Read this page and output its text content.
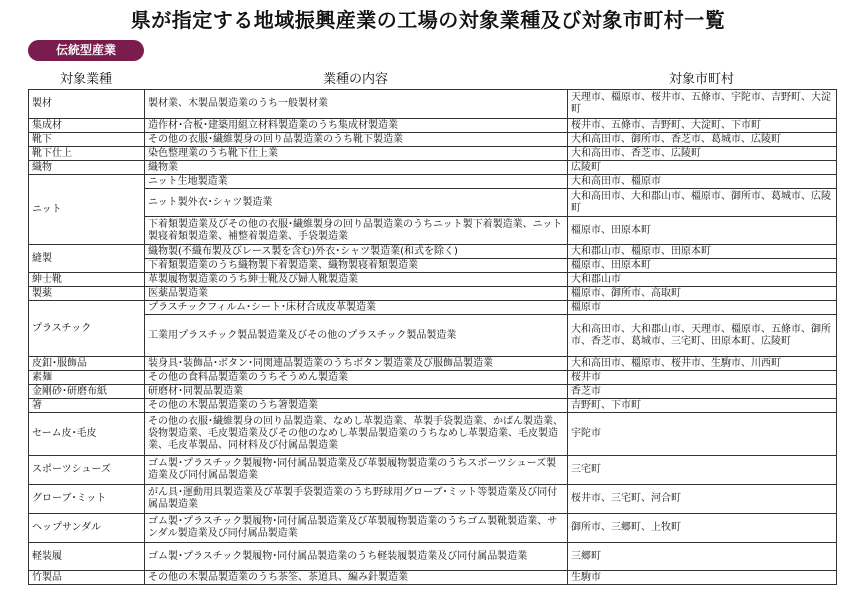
県が指定する地域振興産業の工場の対象業種及び対象市町村一覧
伝統型産業
対象業種	業種の内容	対象市町村
製材	製材業、木製品製造業のうち一般製材業	天理市、橿原市、桜井市、五條市、宇陀市、吉野町、大淀町
集成材	造作材･合板･建築用組立材料製造業のうち集成材製造業	桜井市、五條市、吉野町、大淀町、下市町
靴下	その他の衣服･繊維製身の回り品製造業のうち靴下製造業	大和高田市、御所市、香芝市、葛城市、広陵町
靴下仕上	染色整理業のうち靴下仕上業	大和高田市、香芝市、広陵町
織物	織物業	広陵町
ニット	ニット生地製造業	大和高田市、橿原市
	ニット製外衣･シャツ製造業	大和高田市、大和郡山市、橿原市、御所市、葛城市、広陵町
	下着類製造業及びその他の衣服･繊維製身の回り品製造業のうちニット製下着製造業、ニット製寝着類製造業、補整着製造業、手袋製造業	橿原市、田原本町
縫製	織物製(不織布製及びレース製を含む)外衣･シャツ製造業(和式を除く)	大和郡山市、橿原市、田原本町
	下着類製造業のうち織物製下着製造業、織物製寝着類製造業	橿原市、田原本町
紳士靴	革製履物製造業のうち紳士靴及び婦人靴製造業	大和郡山市
製薬	医薬品製造業	橿原市、御所市、高取町
プラスチック	プラスチックフィルム･シート･床材合成皮革製造業	橿原市
	工業用プラスチック製品製造業及びその他のプラスチック製品製造業	大和高田市、大和郡山市、天理市、橿原市、五條市、御所市、香芝市、葛城市、三宅町、田原本町、広陵町
皮釦･服飾品	装身具･装飾品･ボタン･同関連品製造業のうちボタン製造業及び服飾品製造業	大和高田市、橿原市、桜井市、生駒市、川西町
素麺	その他の食料品製造業のうちそうめん製造業	桜井市
金剛砂･研磨布紙	研磨材･同製品製造業	香芝市
箸	その他の木製品製造業のうち箸製造業	吉野町、下市町
セーム皮･毛皮	その他の衣服･繊維製身の回り品製造業、なめし革製造業、革製手袋製造業、かばん製造業、袋物製造業、毛皮製造業及びその他のなめし革製品製造業のうちなめし革製造業、毛皮製造業、毛皮革製品、同材料及び付属品製造業	宇陀市
スポーツシューズ	ゴム製･プラスチック製履物･同付属品製造業及び革製履物製造業のうちスポーツシューズ製造業及び同付属品製造業	三宅町
グローブ･ミット	がん具･運動用具製造業及び革製手袋製造業のうち野球用グローブ･ミット等製造業及び同付属品製造業	桜井市、三宅町、河合町
ヘップサンダル	ゴム製･プラスチック製履物･同付属品製造業及び革製履物製造業のうちゴム製靴製造業、サンダル製造業及び同付属品製造業	御所市、三郷町、上牧町
軽装履	ゴム製･プラスチック製履物･同付属品製造業のうち軽装履製造業及び同付属品製造業	三郷町
竹製品	その他の木製品製造業のうち茶筌、茶道具、編み針製造業	生駒市
